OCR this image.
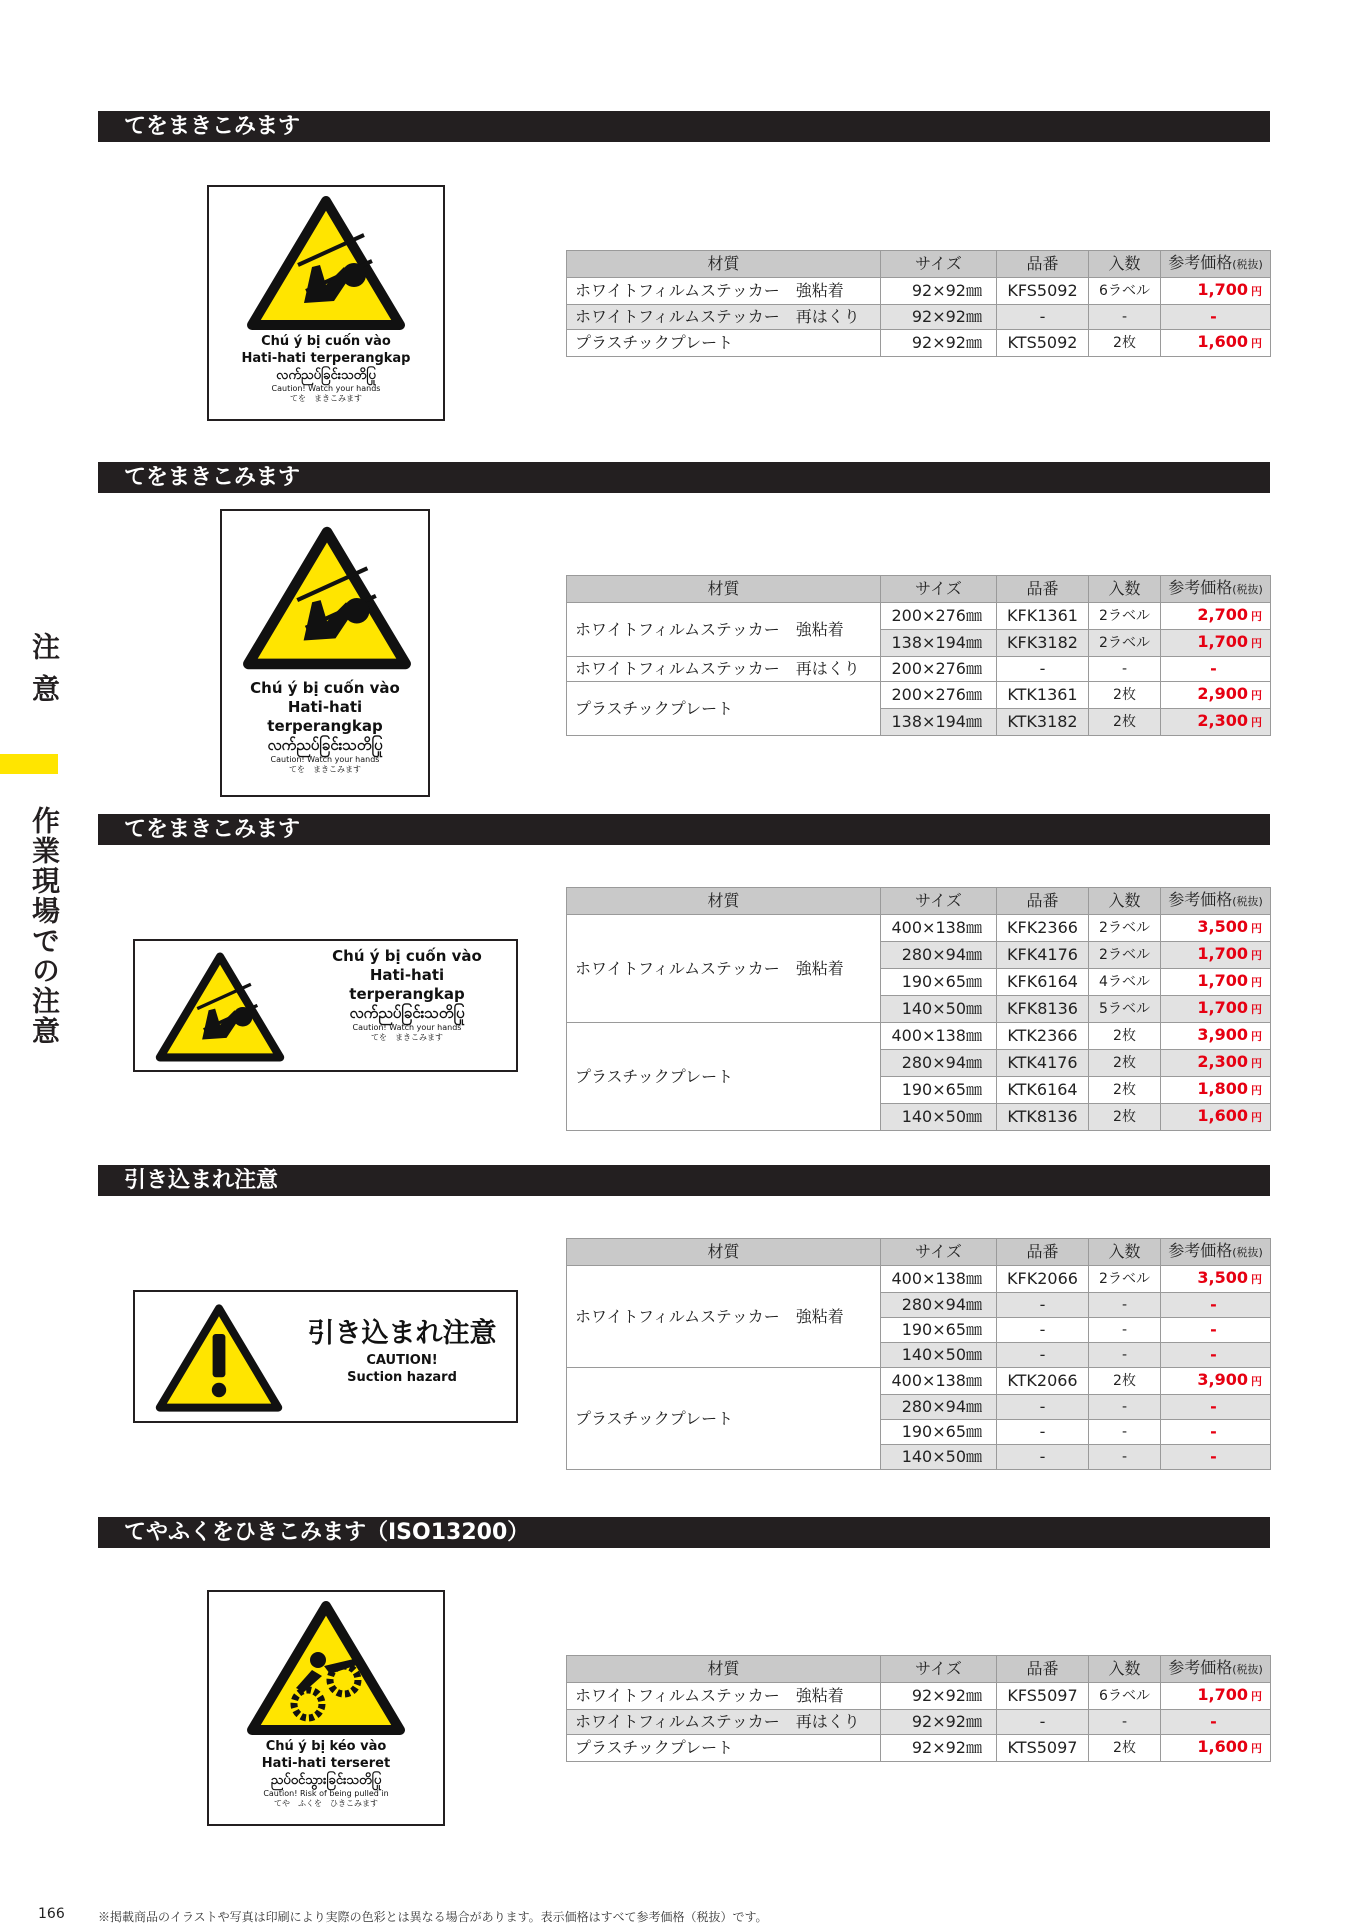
注 意
作業現場での注意
てをまきこみます
Chú ý bị cuốn vào
Hati-hati terperangkap
လက်ညပ်ခြင်းသတိပြု
Caution! Watch your hands
てを　まきこみます
材質	サイズ	品番	入数	参考価格(税抜)
ホワイトフィルムステッカー　強粘着	92×92㎜	KFS5092	6ラベル	1,700 円
ホワイトフィルムステッカー　再はくり	92×92㎜	-	-	-
プラスチックプレート	92×92㎜	KTS5092	2枚	1,600 円
てをまきこみます
Chú ý bị cuốn vào
Hati-hati
terperangkap
လက်ညပ်ခြင်းသတိပြု
Caution! Watch your hands
てを　まきこみます
材質	サイズ	品番	入数	参考価格(税抜)
ホワイトフィルムステッカー　強粘着	200×276㎜	KFK1361	2ラベル	2,700 円
	138×194㎜	KFK3182	2ラベル	1,700 円
ホワイトフィルムステッカー　再はくり	200×276㎜	-	-	-
プラスチックプレート	200×276㎜	KTK1361	2枚	2,900 円
	138×194㎜	KTK3182	2枚	2,300 円
てをまきこみます
Chú ý bị cuốn vào
Hati-hati
terperangkap
လက်ညပ်ခြင်းသတိပြု
Caution! Watch your hands
てを　まきこみます
材質	サイズ	品番	入数	参考価格(税抜)
ホワイトフィルムステッカー　強粘着	400×138㎜	KFK2366	2ラベル	3,500 円
	280×94㎜	KFK4176	2ラベル	1,700 円
	190×65㎜	KFK6164	4ラベル	1,700 円
	140×50㎜	KFK8136	5ラベル	1,700 円
プラスチックプレート	400×138㎜	KTK2366	2枚	3,900 円
	280×94㎜	KTK4176	2枚	2,300 円
	190×65㎜	KTK6164	2枚	1,800 円
	140×50㎜	KTK8136	2枚	1,600 円
引き込まれ注意
引き込まれ注意
CAUTION!
Suction hazard
材質	サイズ	品番	入数	参考価格(税抜)
ホワイトフィルムステッカー　強粘着	400×138㎜	KFK2066	2ラベル	3,500 円
	280×94㎜	-	-	-
	190×65㎜	-	-	-
	140×50㎜	-	-	-
プラスチックプレート	400×138㎜	KTK2066	2枚	3,900 円
	280×94㎜	-	-	-
	190×65㎜	-	-	-
	140×50㎜	-	-	-
てやふくをひきこみます（ISO13200）
Chú ý bị kéo vào
Hati-hati terseret
ညပ်ဝင်သွားခြင်းသတိပြု
Caution! Risk of being pulled in
てや　ふくを　ひきこみます
材質	サイズ	品番	入数	参考価格(税抜)
ホワイトフィルムステッカー　強粘着	92×92㎜	KFS5097	6ラベル	1,700 円
ホワイトフィルムステッカー　再はくり	92×92㎜	-	-	-
プラスチックプレート	92×92㎜	KTS5097	2枚	1,600 円
166	※掲載商品のイラストや写真は印刷により実際の色彩とは異なる場合があります。表示価格はすべて参考価格（税抜）です。
